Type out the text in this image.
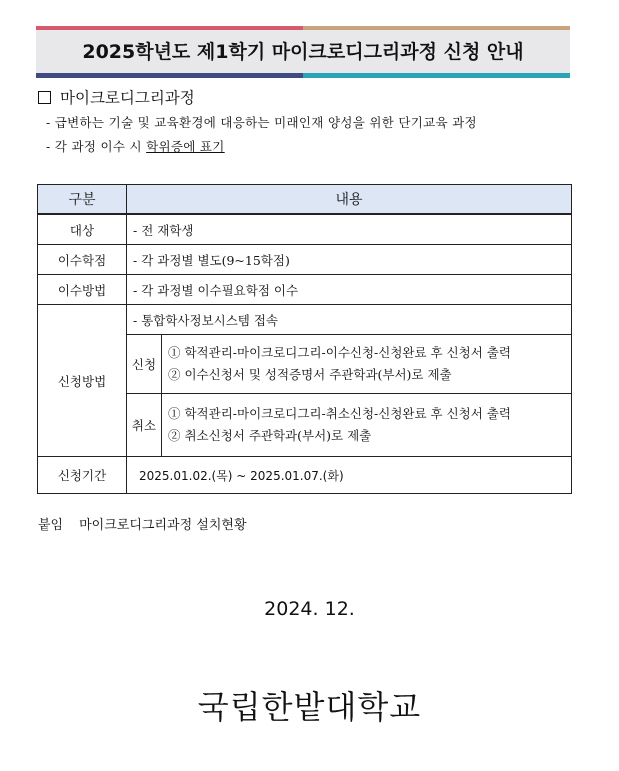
2025학년도 제1학기 마이크로디그리과정 신청 안내
마이크로디그리과정
- 급변하는 기술 및 교육환경에 대응하는 미래인재 양성을 위한 단기교육 과정
- 각 과정 이수 시 학위증에 표기
구분	내용	
대상	- 전 재학생	
이수학점	- 각 과정별 별도(9~15학점)	
이수방법	- 각 과정별 이수필요학점 이수	
신청방법	- 통합학사정보시스템 접속	
	신청	① 학적관리-마이크로디그리-이수신청-신청완료 후 신청서 출력
② 이수신청서 및 성적증명서 주관학과(부서)로 제출

	취소	① 학적관리-마이크로디그리-취소신청-신청완료 후 신청서 출력
② 취소신청서 주관학과(부서)로 제출

신청기간	2025.01.02.(목) ~ 2025.01.07.(화)	
붙임 마이크로디그리과정 설치현황
2024. 12.
국립한밭대학교
